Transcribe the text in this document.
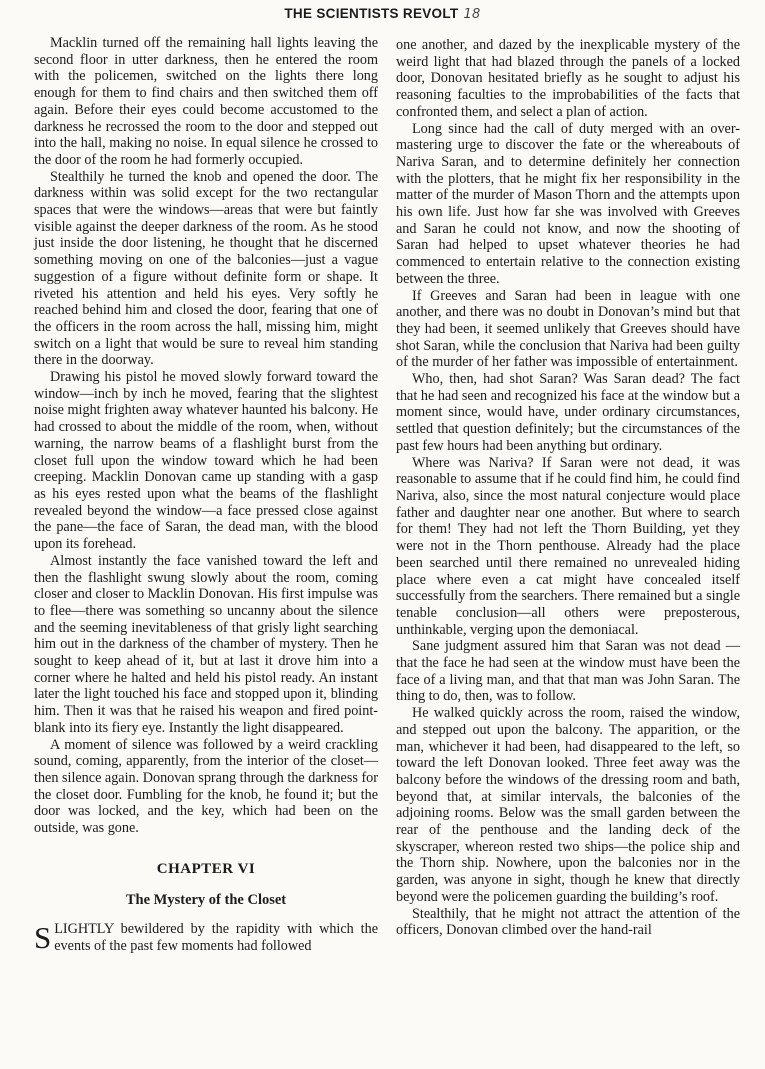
THE SCIENTISTS REVOLT 18

Macklin turned off the remaining hall lights leaving the second floor in utter darkness, then he entered the room with the policemen, switched on the lights there long enough for them to find chairs and then switched them off again. Before their eyes could become accustomed to the darkness he recrossed the room to the door and stepped out into the hall, making no noise. In equal silence he crossed to the door of the room he had formerly occupied.

Stealthily he turned the knob and opened the door. The darkness within was solid except for the two rectangular spaces that were the windows—areas that were but faintly visible against the deeper darkness of the room. As he stood just inside the door listening, he thought that he discerned something moving on one of the balconies—just a vague suggestion of a figure without definite form or shape. It riveted his attention and held his eyes. Very softly he reached behind him and closed the door, fearing that one of the officers in the room across the hall, missing him, might switch on a light that would be sure to reveal him standing there in the doorway.

Drawing his pistol he moved slowly forward toward the window—inch by inch he moved, fearing that the slightest noise might frighten away whatever haunted his balcony. He had crossed to about the middle of the room, when, without warning, the narrow beams of a flashlight burst from the closet full upon the window toward which he had been creeping. Macklin Donovan came up standing with a gasp as his eyes rested upon what the beams of the flashlight revealed beyond the window—a face pressed close against the pane—the face of Saran, the dead man, with the blood upon its forehead.

Almost instantly the face vanished toward the left and then the flashlight swung slowly about the room, coming closer and closer to Macklin Donovan. His first impulse was to flee—there was something so uncanny about the silence and the seeming inevitableness of that grisly light searching him out in the darkness of the chamber of mystery. Then he sought to keep ahead of it, but at last it drove him into a corner where he halted and held his pistol ready. An instant later the light touched his face and stopped upon it, blinding him. Then it was that he raised his weapon and fired point-blank into its fiery eye. Instantly the light disappeared.

A moment of silence was followed by a weird crackling sound, coming, apparently, from the interior of the closet—then silence again. Donovan sprang through the darkness for the closet door. Fumbling for the knob, he found it; but the door was locked, and the key, which had been on the outside, was gone.

CHAPTER VI
The Mystery of the Closet

SLIGHTLY bewildered by the rapidity with which the events of the past few moments had followed

one another, and dazed by the inexplicable mystery of the weird light that had blazed through the panels of a locked door, Donovan hesitated briefly as he sought to adjust his reasoning faculties to the improbabilities of the facts that confronted them, and select a plan of action.

Long since had the call of duty merged with an over-mastering urge to discover the fate or the whereabouts of Nariva Saran, and to determine definitely her connection with the plotters, that he might fix her responsibility in the matter of the murder of Mason Thorn and the attempts upon his own life. Just how far she was involved with Greeves and Saran he could not know, and now the shooting of Saran had helped to upset whatever theories he had commenced to entertain relative to the connection existing between the three.

If Greeves and Saran had been in league with one another, and there was no doubt in Donovan’s mind but that they had been, it seemed unlikely that Greeves should have shot Saran, while the conclusion that Nariva had been guilty of the murder of her father was impossible of entertainment.

Who, then, had shot Saran? Was Saran dead? The fact that he had seen and recognized his face at the window but a moment since, would have, under ordinary circumstances, settled that question definitely; but the circumstances of the past few hours had been anything but ordinary.

Where was Nariva? If Saran were not dead, it was reasonable to assume that if he could find him, he could find Nariva, also, since the most natural conjecture would place father and daughter near one another. But where to search for them! They had not left the Thorn Building, yet they were not in the Thorn penthouse. Already had the place been searched until there remained no unrevealed hiding place where even a cat might have concealed itself successfully from the searchers. There remained but a single tenable conclusion—all others were preposterous, unthinkable, verging upon the demoniacal.

Sane judgment assured him that Saran was not dead —that the face he had seen at the window must have been the face of a living man, and that that man was John Saran. The thing to do, then, was to follow.

He walked quickly across the room, raised the window, and stepped out upon the balcony. The apparition, or the man, whichever it had been, had disappeared to the left, so toward the left Donovan looked. Three feet away was the balcony before the windows of the dressing room and bath, beyond that, at similar intervals, the balconies of the adjoining rooms. Below was the small garden between the rear of the penthouse and the landing deck of the skyscraper, whereon rested two ships—the police ship and the Thorn ship. Nowhere, upon the balconies nor in the garden, was anyone in sight, though he knew that directly beyond were the policemen guarding the building’s roof.

Stealthily, that he might not attract the attention of the officers, Donovan climbed over the hand-rail
